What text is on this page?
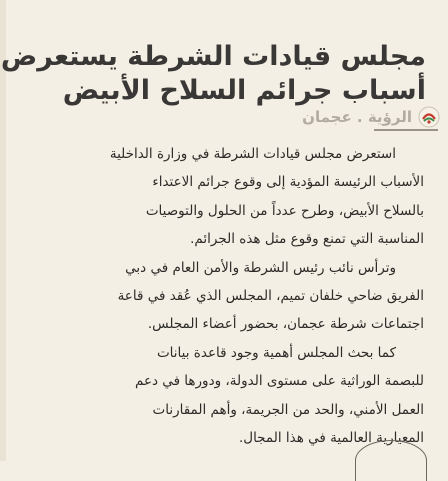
مجلس قيادات الشرطة يستعرض
أسباب جرائم السلاح الأبيض
الرؤية . عجمان
استعرض مجلس قيادات الشرطة في وزارة الداخلية
الأسباب الرئيسة المؤدية إلى وقوع جرائم الاعتداء
بالسلاح الأبيض، وطرح عدداً من الحلول والتوصيات
المناسبة التي تمنع وقوع مثل هذه الجرائم.
وترأس نائب رئيس الشرطة والأمن العام في دبي
الفريق ضاحي خلفان تميم، المجلس الذي عُقد في قاعة
اجتماعات شرطة عجمان، بحضور أعضاء المجلس.
كما بحث المجلس أهمية وجود قاعدة بيانات
للبصمة الوراثية على مستوى الدولة، ودورها في دعم
العمل الأمني، والحد من الجريمة، وأهم المقارنات
المعيارية العالمية في هذا المجال.
